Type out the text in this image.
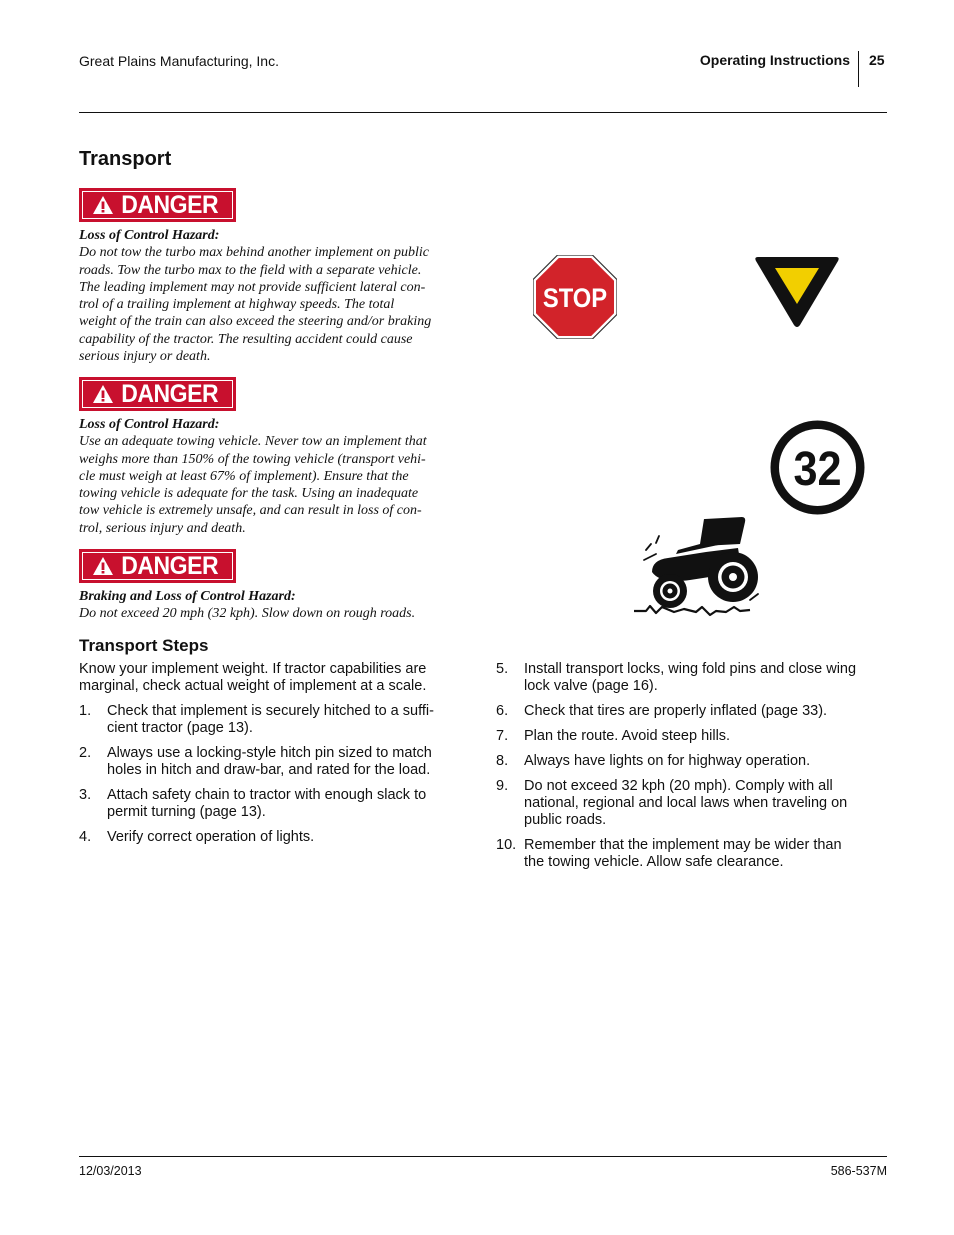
Great Plains Manufacturing, Inc.	Operating Instructions 25
Transport
DANGER
Loss of Control Hazard:
Do not tow the turbo max behind another implement on public
roads. Tow the turbo max to the field with a separate vehicle.
The leading implement may not provide sufficient lateral con-
trol of a trailing implement at highway speeds. The total
weight of the train can also exceed the steering and/or braking
capability of the tractor. The resulting accident could cause
serious injury or death.
DANGER
Loss of Control Hazard:
Use an adequate towing vehicle. Never tow an implement that
weighs more than 150% of the towing vehicle (transport vehi-
cle must weigh at least 67% of implement). Ensure that the
towing vehicle is adequate for the task. Using an inadequate
tow vehicle is extremely unsafe, and can result in loss of con-
trol, serious injury and death.
DANGER
Braking and Loss of Control Hazard:
Do not exceed 20 mph (32 kph). Slow down on rough roads.
STOP
32
Transport Steps
Know your implement weight. If tractor capabilities are
marginal, check actual weight of implement at a scale.
1. Check that implement is securely hitched to a suffi-
cient tractor (page 13).
2. Always use a locking-style hitch pin sized to match
holes in hitch and draw-bar, and rated for the load.
3. Attach safety chain to tractor with enough slack to
permit turning (page 13).
4. Verify correct operation of lights.
5. Install transport locks, wing fold pins and close wing
lock valve (page 16).
6. Check that tires are properly inflated (page 33).
7. Plan the route. Avoid steep hills.
8. Always have lights on for highway operation.
9. Do not exceed 32 kph (20 mph). Comply with all
national, regional and local laws when traveling on
public roads.
10. Remember that the implement may be wider than
the towing vehicle. Allow safe clearance.
12/03/2013	586-537M
